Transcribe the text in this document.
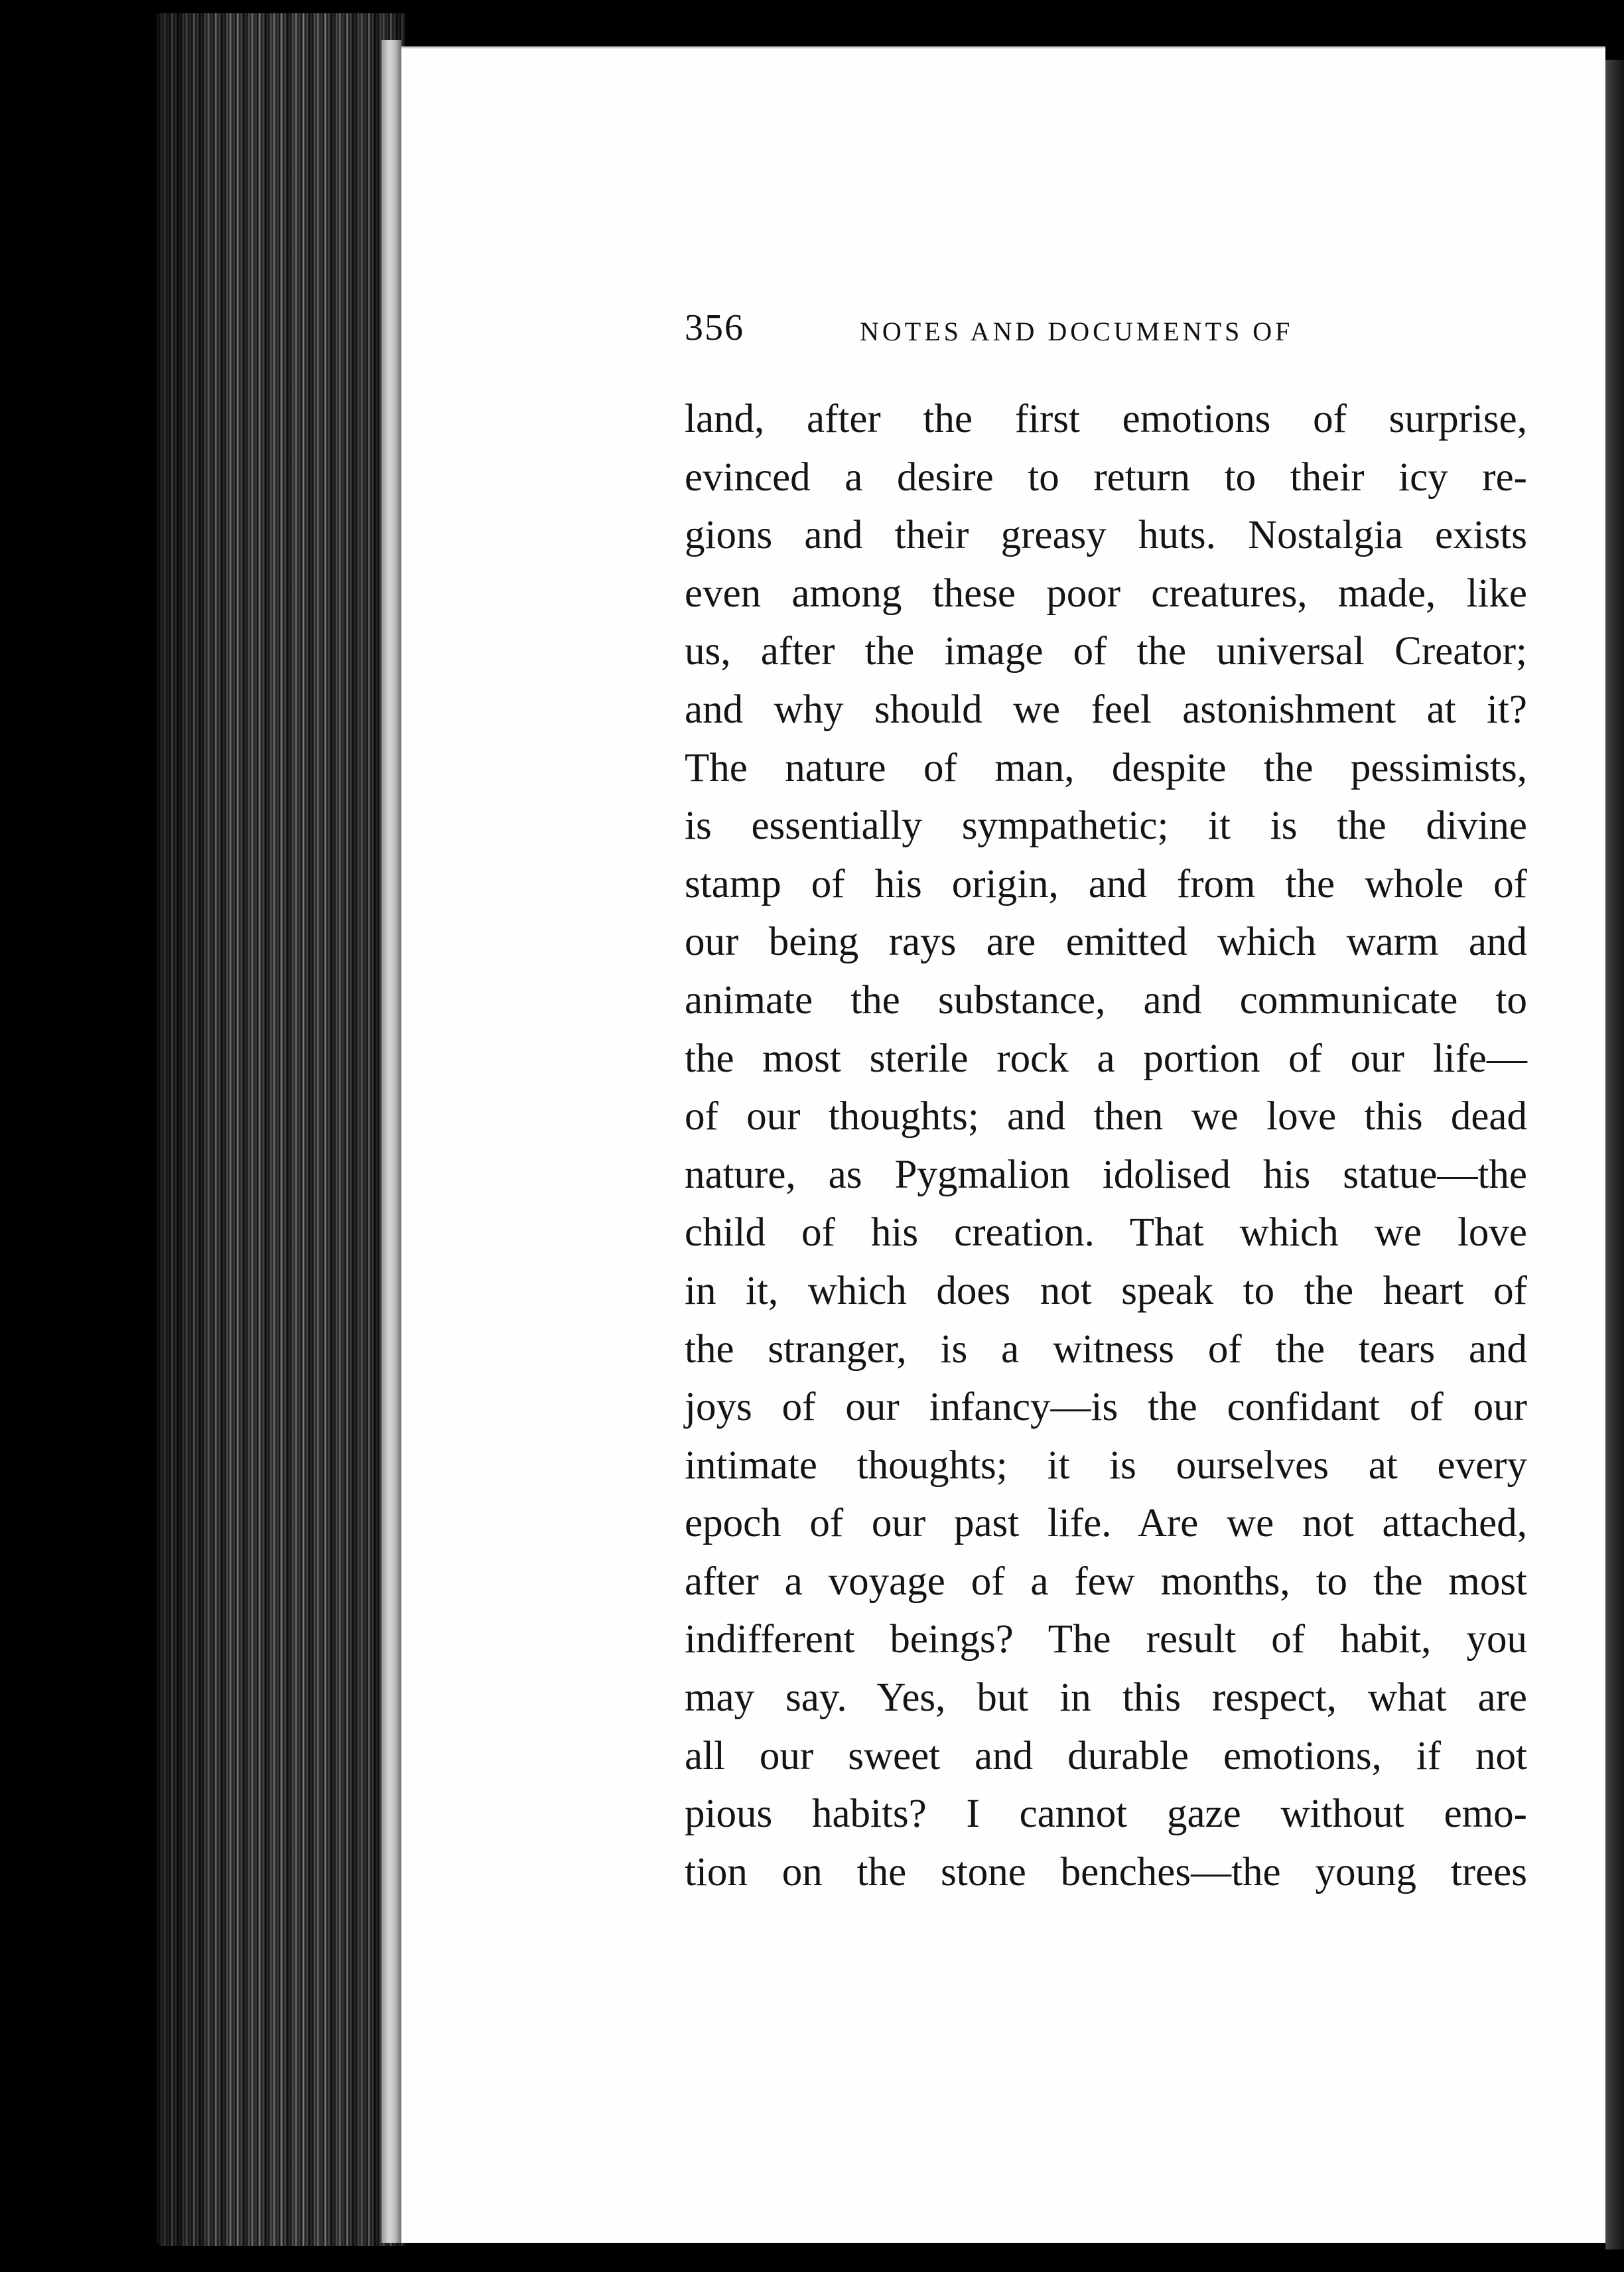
356	NOTES AND DOCUMENTS OF
land, after the first emotions of surprise,
evinced a desire to return to their icy re-
gions and their greasy huts. Nostalgia exists
even among these poor creatures, made, like
us, after the image of the universal Creator;
and why should we feel astonishment at it?
The nature of man, despite the pessimists,
is essentially sympathetic; it is the divine
stamp of his origin, and from the whole of
our being rays are emitted which warm and
animate the substance, and communicate to
the most sterile rock a portion of our life—
of our thoughts; and then we love this dead
nature, as Pygmalion idolised his statue—the
child of his creation. That which we love
in it, which does not speak to the heart of
the stranger, is a witness of the tears and
joys of our infancy—is the confidant of our
intimate thoughts; it is ourselves at every
epoch of our past life. Are we not attached,
after a voyage of a few months, to the most
indifferent beings? The result of habit, you
may say. Yes, but in this respect, what are
all our sweet and durable emotions, if not
pious habits? I cannot gaze without emo-
tion on the stone benches—the young trees
